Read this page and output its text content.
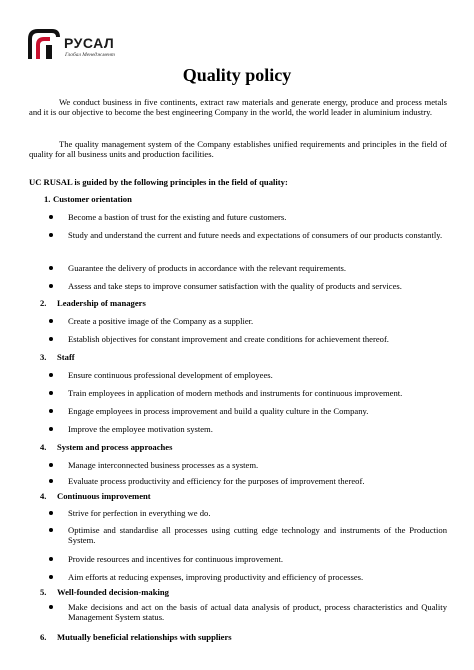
РУСАЛ
Глобал Менеджмент
Quality policy
We conduct business in five continents, extract raw materials and generate energy, produce and process metals and it is our objective to become the best engineering Company in the world, the world leader in aluminium industry.
The quality management system of the Company establishes unified requirements and principles in the field of quality for all business units and production facilities.
UC RUSAL is guided by the following principles in the field of quality:
1. Customer orientation
Become a bastion of trust for the existing and future customers.
Study and understand the current and future needs and expectations of consumers of our products constantly.
Guarantee the delivery of products in accordance with the relevant requirements.
Assess and take steps to improve consumer satisfaction with the quality of products and services.
2. Leadership of managers
Create a positive image of the Company as a supplier.
Establish objectives for constant improvement and create conditions for achievement thereof.
3. Staff
Ensure continuous professional development of employees.
Train employees in application of modern methods and instruments for continuous improvement.
Engage employees in process improvement and build a quality culture in the Company.
Improve the employee motivation system.
4. System and process approaches
Manage interconnected business processes as a system.
Evaluate process productivity and efficiency for the purposes of improvement thereof.
4. Continuous improvement
Strive for perfection in everything we do.
Optimise and standardise all processes using cutting edge technology and instruments of the Production System.
Provide resources and incentives for continuous improvement.
Aim efforts at reducing expenses, improving productivity and efficiency of processes.
5. Well-founded decision-making
Make decisions and act on the basis of actual data analysis of product, process characteristics and Quality Management System status.
6. Mutually beneficial relationships with suppliers
